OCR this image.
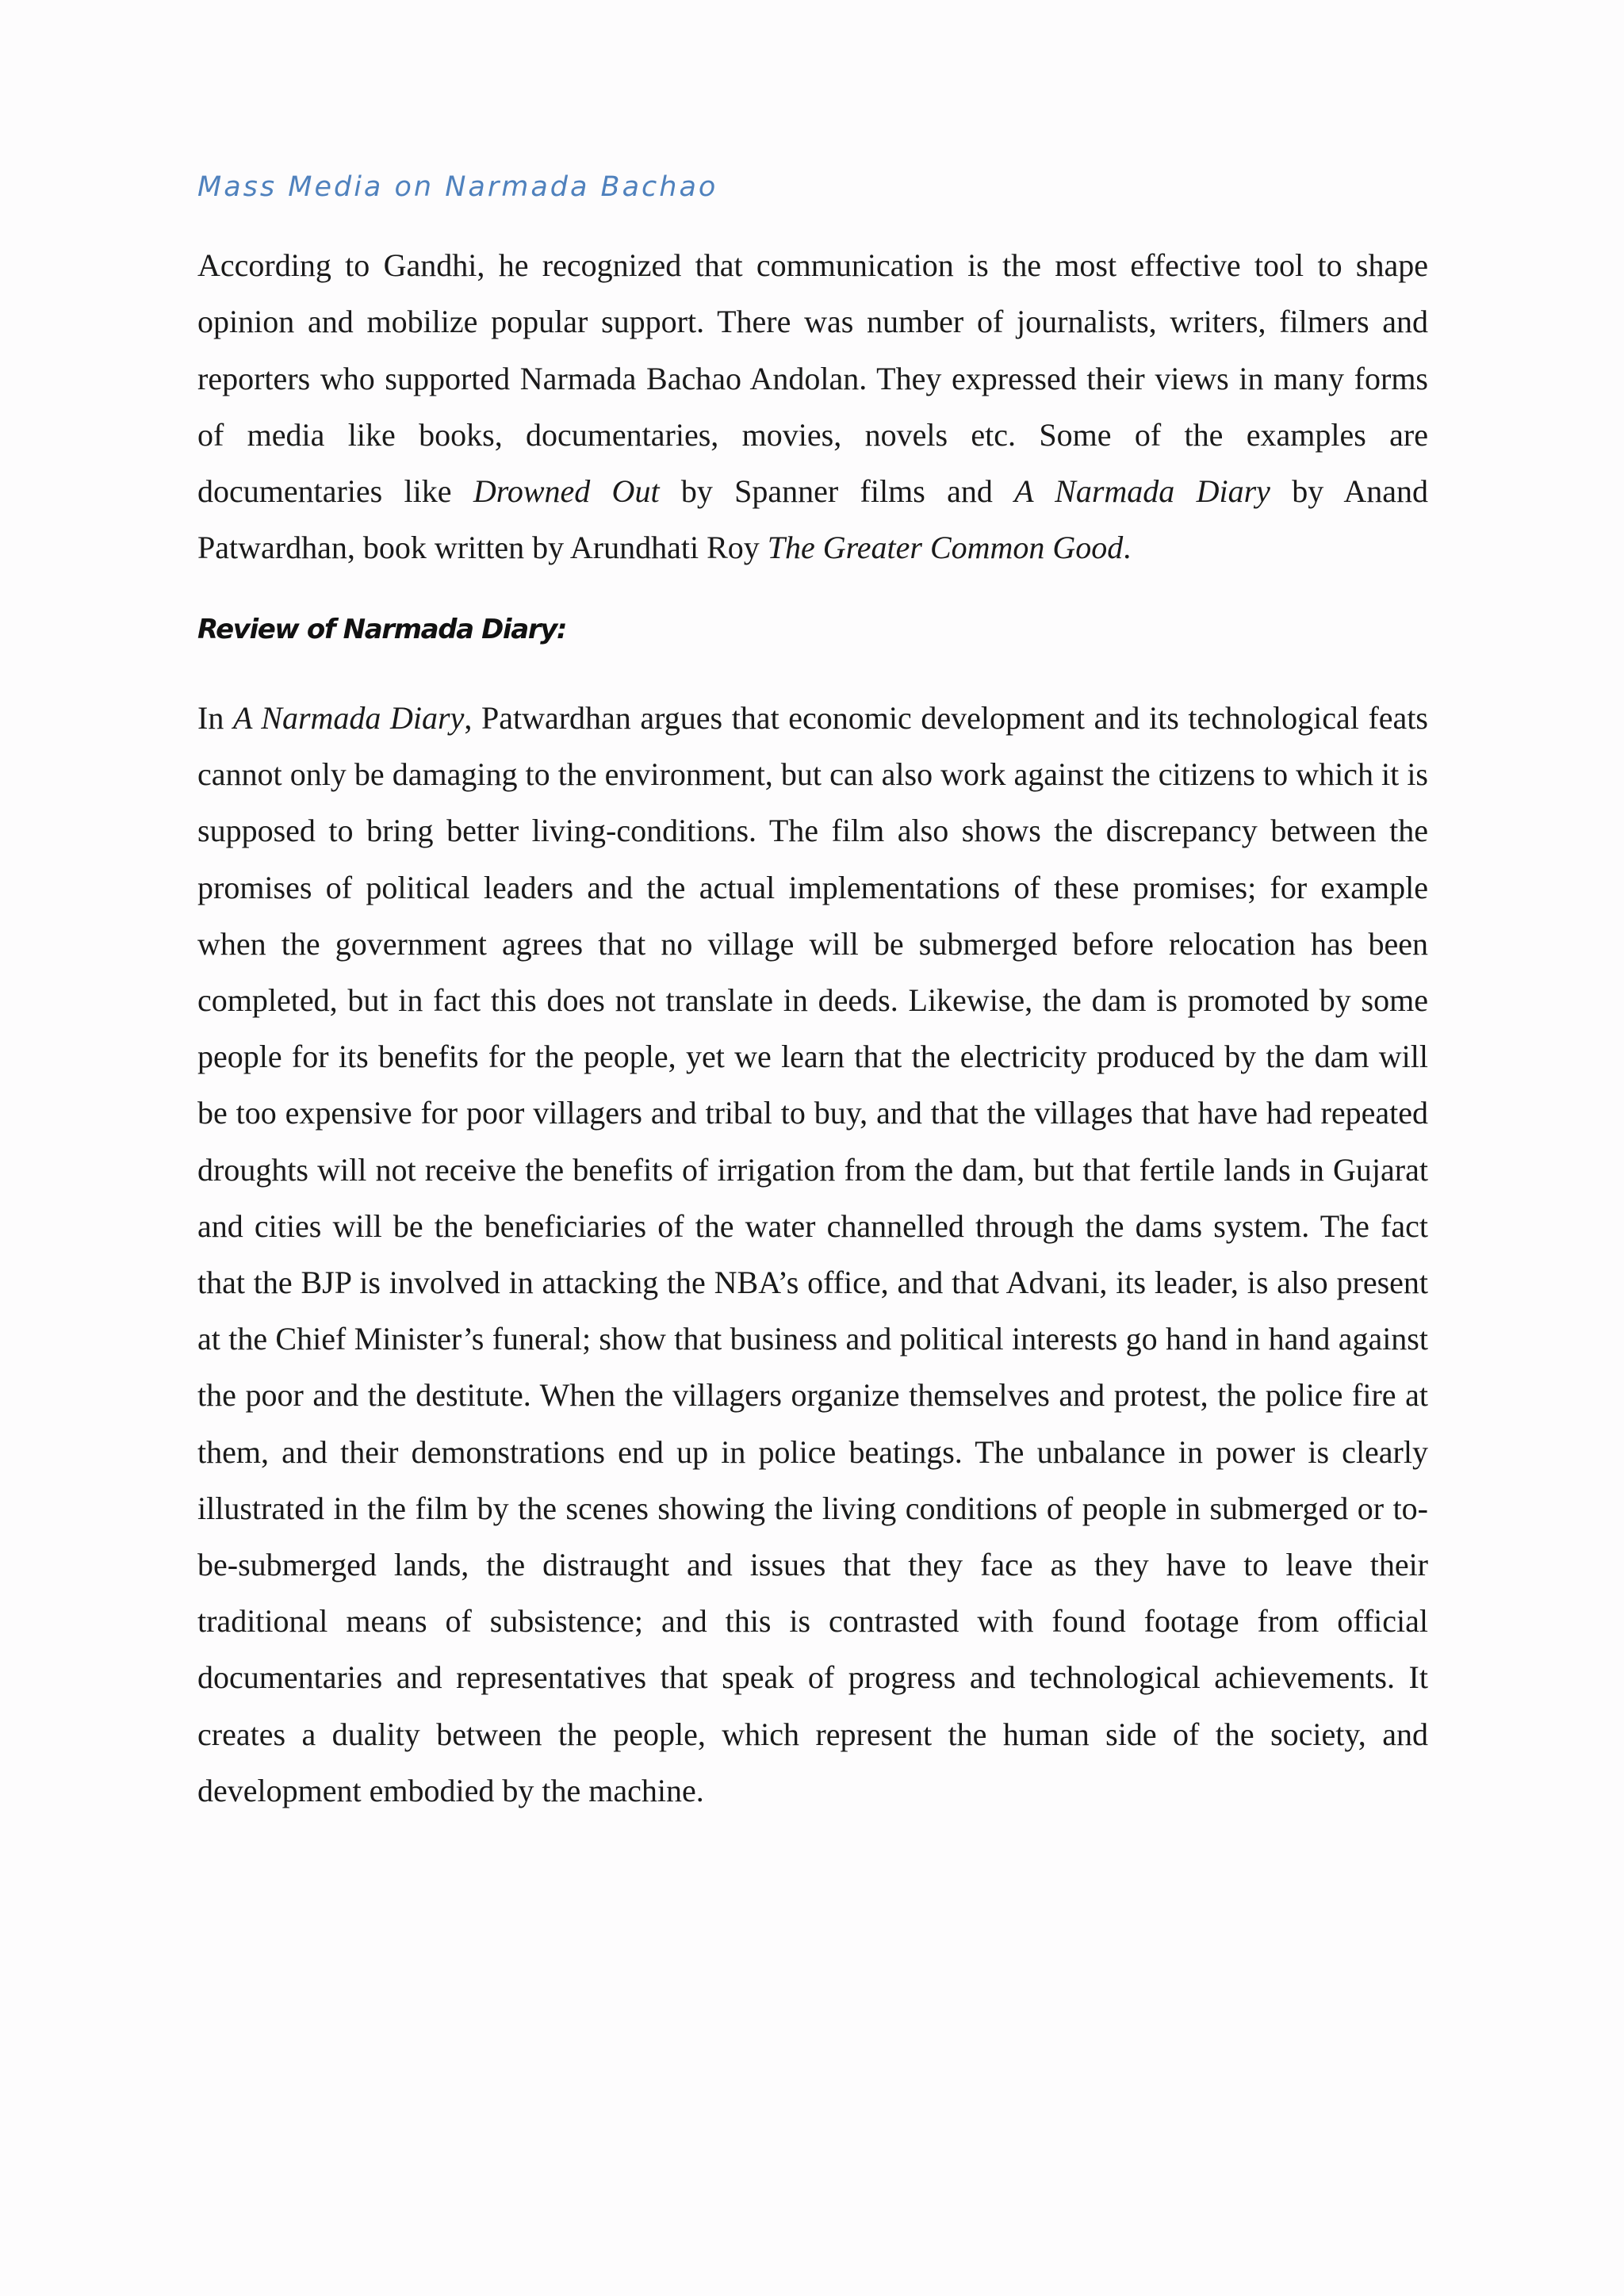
Mass Media on Narmada Bachao

According to Gandhi, he recognized that communication is the most effective tool to shape opinion and mobilize popular support. There was number of journalists, writers, filmers and reporters who supported Narmada Bachao Andolan. They expressed their views in many forms of media like books, documentaries, movies, novels etc. Some of the examples are documentaries like Drowned Out by Spanner films and A Narmada Diary by Anand Patwardhan, book written by Arundhati Roy The Greater Common Good.

Review of Narmada Diary:

In A Narmada Diary, Patwardhan argues that economic development and its technological feats cannot only be damaging to the environment, but can also work against the citizens to which it is supposed to bring better living-conditions. The film also shows the discrepancy between the promises of political leaders and the actual implementations of these promises; for example when the government agrees that no village will be submerged before relocation has been completed, but in fact this does not translate in deeds. Likewise, the dam is promoted by some people for its benefits for the people, yet we learn that the electricity produced by the dam will be too expensive for poor villagers and tribal to buy, and that the villages that have had repeated droughts will not receive the benefits of irrigation from the dam, but that fertile lands in Gujarat and cities will be the beneficiaries of the water channelled through the dams system. The fact that the BJP is involved in attacking the NBA’s office, and that Advani, its leader, is also present at the Chief Minister’s funeral; show that business and political interests go hand in hand against the poor and the destitute. When the villagers organize themselves and protest, the police fire at them, and their demonstrations end up in police beatings. The unbalance in power is clearly illustrated in the film by the scenes showing the living conditions of people in submerged or to-be-submerged lands, the distraught and issues that they face as they have to leave their traditional means of subsistence; and this is contrasted with found footage from official documentaries and representatives that speak of progress and technological achievements. It creates a duality between the people, which represent the human side of the society, and development embodied by the machine.
